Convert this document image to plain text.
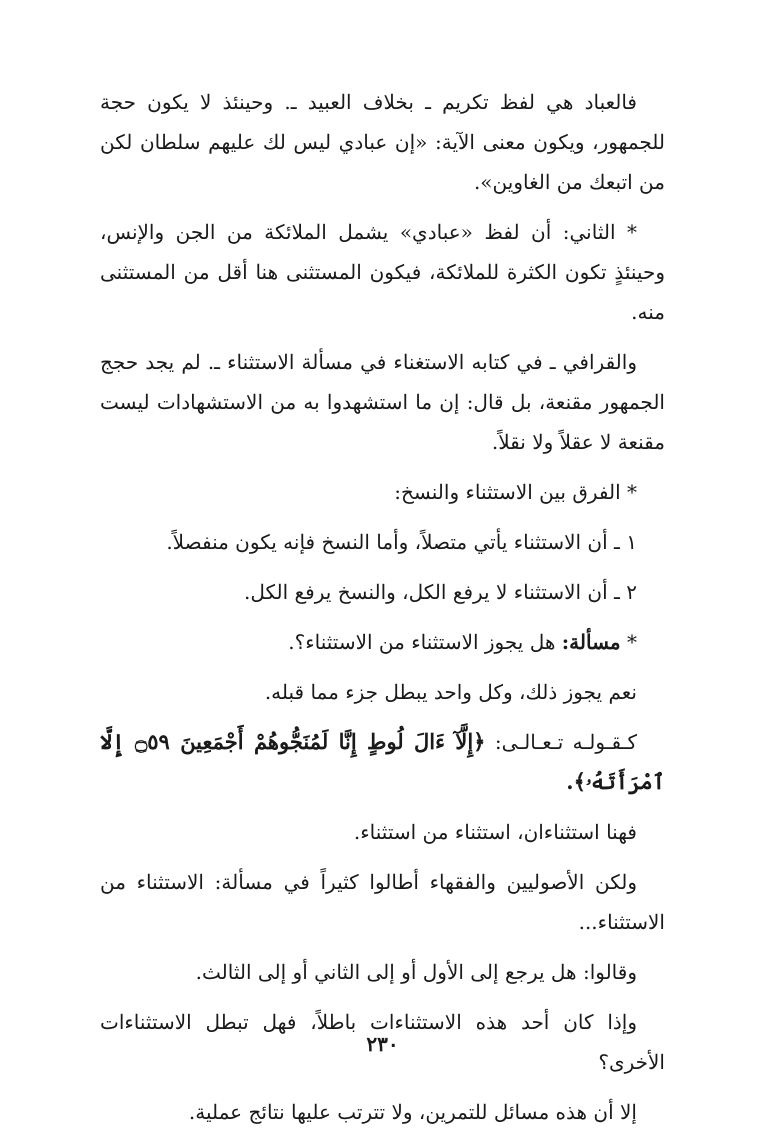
فالعباد هي لفظ تكريم ـ بخلاف العبيد ـ. وحينئذ لا يكون حجة للجمهور، ويكون معنى الآية: «إن عبادي ليس لك عليهم سلطان لكن من اتبعك من الغاوين».

* الثاني: أن لفظ «عبادي» يشمل الملائكة من الجن والإنس، وحينئذٍ تكون الكثرة للملائكة، فيكون المستثنى هنا أقل من المستثنى منه.

والقرافي ـ في كتابه الاستغناء في مسألة الاستثناء ـ. لم يجد حجج الجمهور مقنعة، بل قال: إن ما استشهدوا به من الاستشهادات ليست مقنعة لا عقلاً ولا نقلاً.

* الفرق بين الاستثناء والنسخ:

١ ـ أن الاستثناء يأتي متصلاً، وأما النسخ فإنه يكون منفصلاً.

٢ ـ أن الاستثناء لا يرفع الكل، والنسخ يرفع الكل.

* مسألة: هل يجوز الاستثناء من الاستثناء؟.

نعم يجوز ذلك، وكل واحد يبطل جزء مما قبله.

كـقـولـه تـعـالـى: ﴿إِلَّآ ءَالَ لُوطٍ إِنَّا لَمُنَجُّوهُمْ أَجْمَعِينَ ۝٥٩ إِلَّا ٱمْرَأَتَهُۥ﴾.

فهنا استثناءان، استثناء من استثناء.

ولكن الأصوليين والفقهاء أطالوا كثيراً في مسألة: الاستثناء من الاستثناء...

وقالوا: هل يرجع إلى الأول أو إلى الثاني أو إلى الثالث.

وإذا كان أحد هذه الاستثناءات باطلاً، فهل تبطل الاستثناءات الأخرى؟

إلا أن هذه مسائل للتمرين، ولا تترتب عليها نتائج عملية.

٢٣٠
